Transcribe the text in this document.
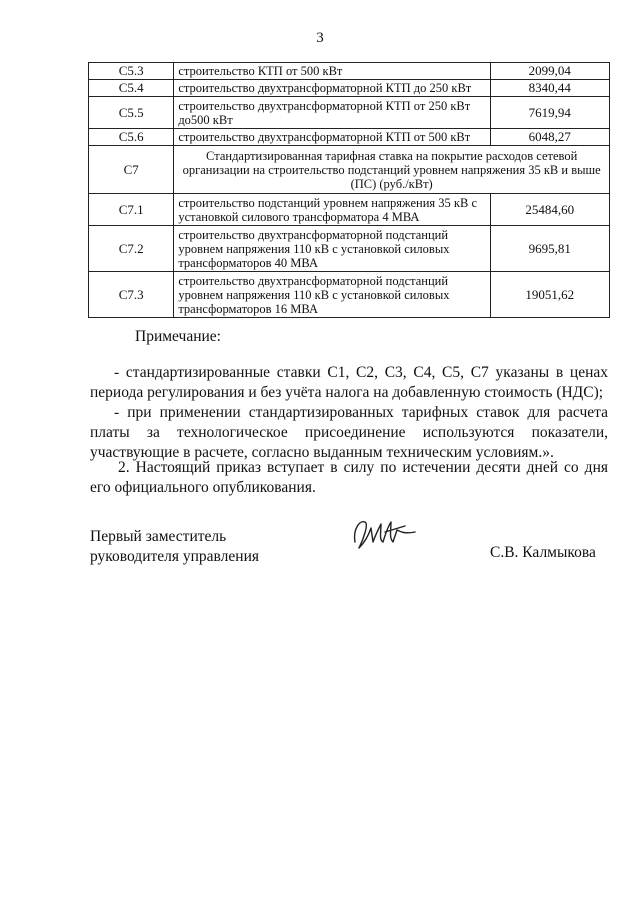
3
С5.3	строительство КТП от 500 кВт	2099,04
С5.4	строительство двухтрансформаторной КТП до 250 кВт	8340,44
С5.5	строительство двухтрансформаторной КТП от 250 кВт до500 кВт	7619,94
С5.6	строительство двухтрансформаторной КТП от 500 кВт	6048,27
С7	Стандартизированная тарифная ставка на покрытие расходов сетевой организации на строительство подстанций уровнем напряжения 35 кВ и выше (ПС) (руб./кВт)	
С7.1	строительство подстанций уровнем напряжения 35 кВ с установкой силового трансформатора 4 МВА	25484,60
С7.2	строительство двухтрансформаторной подстанций уровнем напряжения 110 кВ с установкой силовых трансформаторов 40 МВА	9695,81
С7.3	строительство двухтрансформаторной подстанций уровнем напряжения 110 кВ с установкой силовых трансформаторов 16 МВА	19051,62
Примечание:
- стандартизированные ставки С1, С2, С3, С4, С5, С7 указаны в ценах периода регулирования и без учёта налога на добавленную стоимость (НДС);
- при применении стандартизированных тарифных ставок для расчета платы за технологическое присоединение используются показатели, участвующие в расчете, согласно выданным техническим условиям.».
2. Настоящий приказ вступает в силу по истечении десяти дней со дня его официального опубликования.
Первый заместитель
руководителя управления	С.В. Калмыкова
